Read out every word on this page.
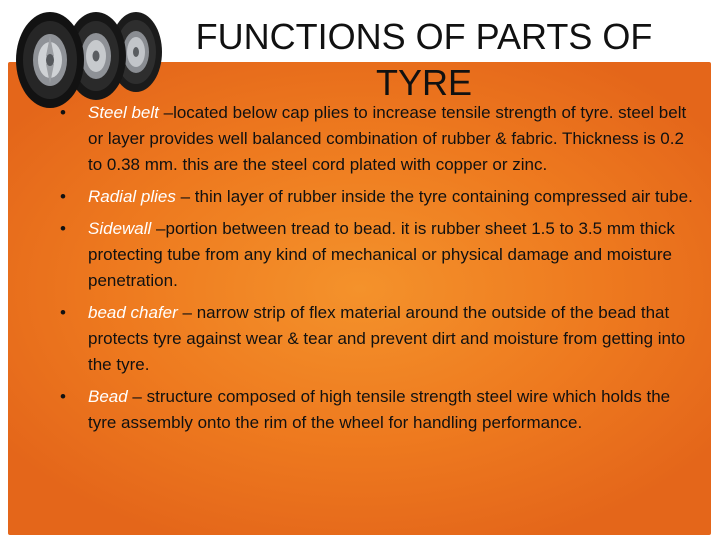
FUNCTIONS OF PARTS OF TYRE
• Steel belt –located below cap plies to increase tensile strength of tyre. steel belt or layer provides well balanced combination of rubber & fabric. Thickness is 0.2 to 0.38 mm. this are the steel cord plated with copper or zinc.
• Radial plies – thin layer of rubber inside the tyre containing compressed air tube.
• Sidewall –portion between tread to bead. it is rubber sheet 1.5 to 3.5 mm thick protecting tube from any kind of mechanical or physical damage and moisture penetration.
• bead chafer – narrow strip of flex material around the outside of the bead that protects tyre against wear & tear and prevent dirt and moisture from getting into the tyre.
• Bead – structure composed of high tensile strength steel wire which holds the tyre assembly onto the rim of the wheel for handling performance.
